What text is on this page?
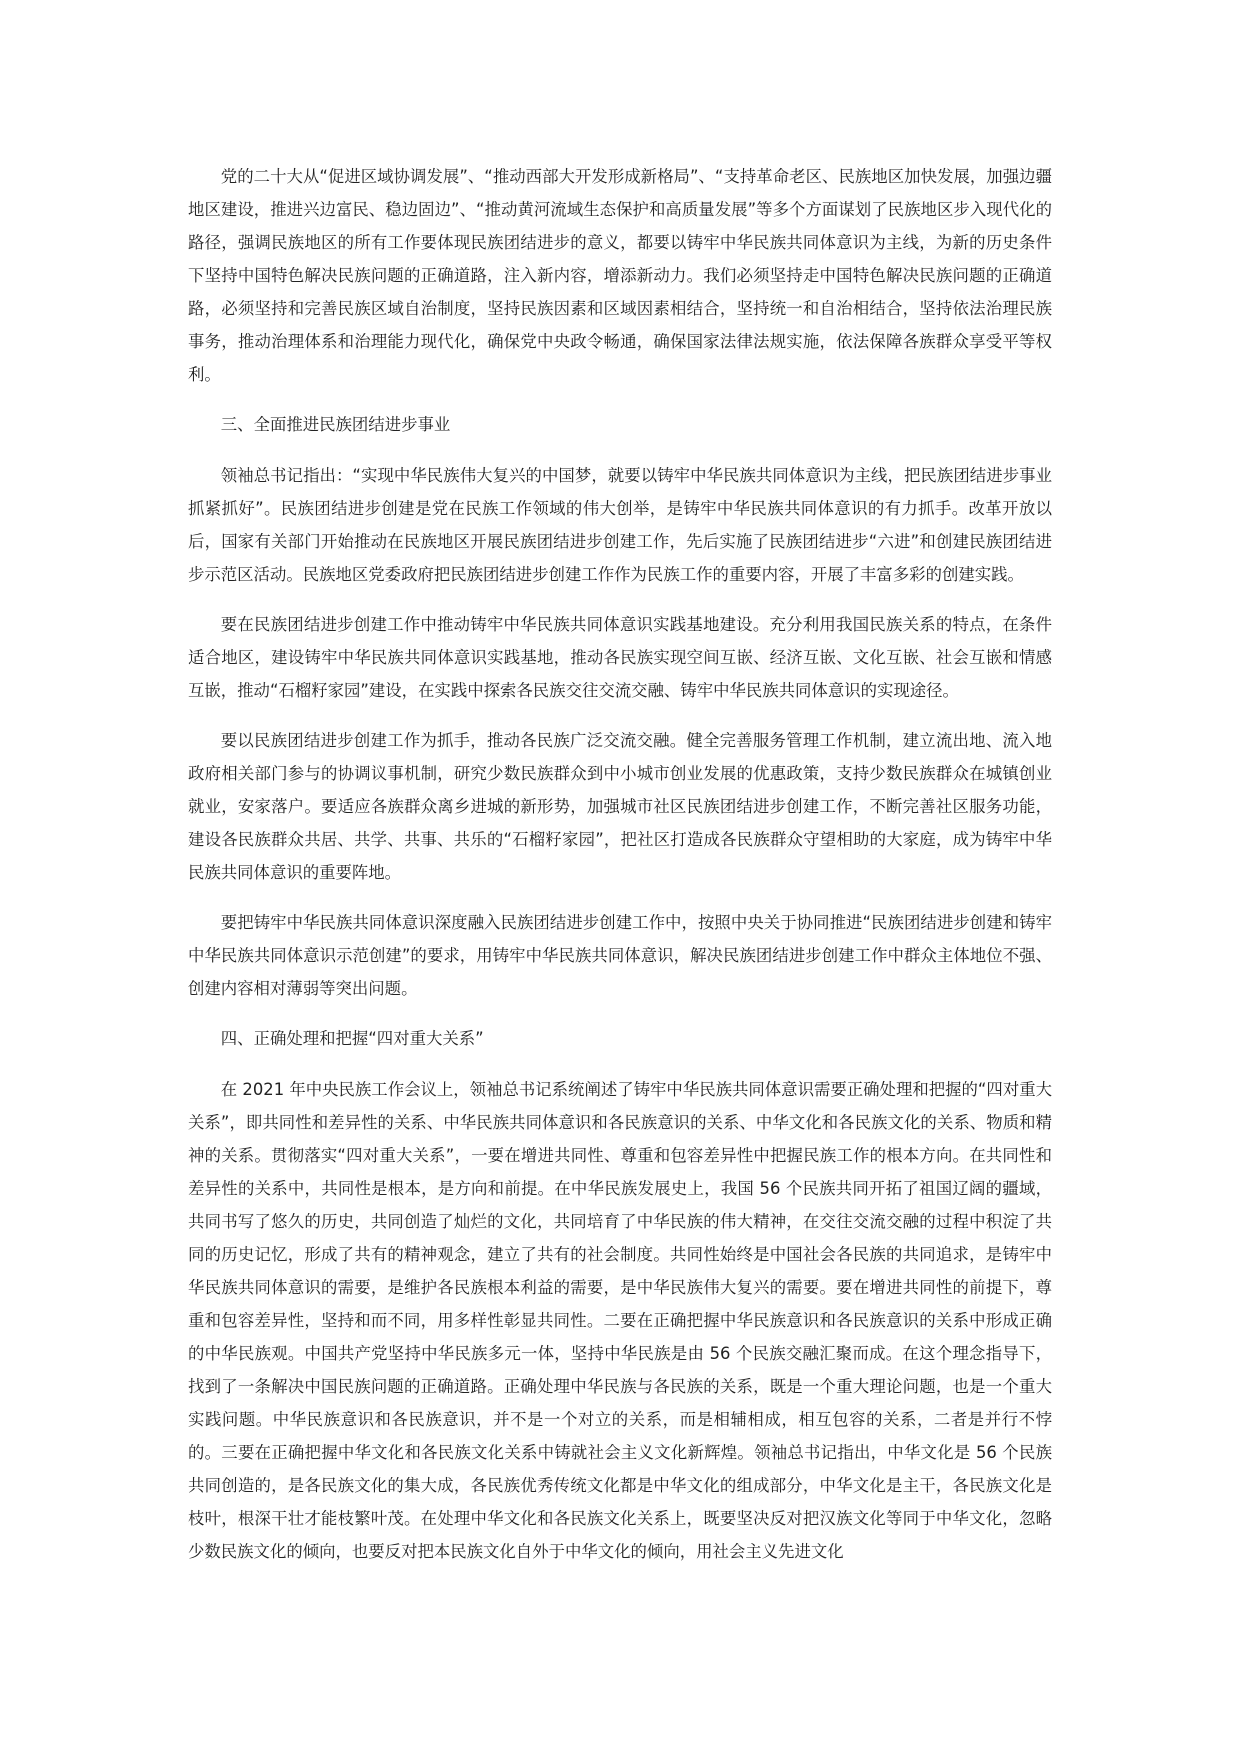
党的二十大从“促进区域协调发展”、“推动西部大开发形成新格局”、“支持革命老区、民族地区加快发展，加强边疆地区建设，推进兴边富民、稳边固边”、“推动黄河流域生态保护和高质量发展”等多个方面谋划了民族地区步入现代化的路径，强调民族地区的所有工作要体现民族团结进步的意义，都要以铸牢中华民族共同体意识为主线，为新的历史条件下坚持中国特色解决民族问题的正确道路，注入新内容，增添新动力。我们必须坚持走中国特色解决民族问题的正确道路，必须坚持和完善民族区域自治制度，坚持民族因素和区域因素相结合，坚持统一和自治相结合，坚持依法治理民族事务，推动治理体系和治理能力现代化，确保党中央政令畅通，确保国家法律法规实施，依法保障各族群众享受平等权利。

三、全面推进民族团结进步事业

领袖总书记指出：“实现中华民族伟大复兴的中国梦，就要以铸牢中华民族共同体意识为主线，把民族团结进步事业抓紧抓好”。民族团结进步创建是党在民族工作领域的伟大创举，是铸牢中华民族共同体意识的有力抓手。改革开放以后，国家有关部门开始推动在民族地区开展民族团结进步创建工作，先后实施了民族团结进步“六进”和创建民族团结进步示范区活动。民族地区党委政府把民族团结进步创建工作作为民族工作的重要内容，开展了丰富多彩的创建实践。

要在民族团结进步创建工作中推动铸牢中华民族共同体意识实践基地建设。充分利用我国民族关系的特点，在条件适合地区，建设铸牢中华民族共同体意识实践基地，推动各民族实现空间互嵌、经济互嵌、文化互嵌、社会互嵌和情感互嵌，推动“石榴籽家园”建设，在实践中探索各民族交往交流交融、铸牢中华民族共同体意识的实现途径。

要以民族团结进步创建工作为抓手，推动各民族广泛交流交融。健全完善服务管理工作机制，建立流出地、流入地政府相关部门参与的协调议事机制，研究少数民族群众到中小城市创业发展的优惠政策，支持少数民族群众在城镇创业就业，安家落户。要适应各族群众离乡进城的新形势，加强城市社区民族团结进步创建工作，不断完善社区服务功能，建设各民族群众共居、共学、共事、共乐的“石榴籽家园”，把社区打造成各民族群众守望相助的大家庭，成为铸牢中华民族共同体意识的重要阵地。

要把铸牢中华民族共同体意识深度融入民族团结进步创建工作中，按照中央关于协同推进“民族团结进步创建和铸牢中华民族共同体意识示范创建”的要求，用铸牢中华民族共同体意识，解决民族团结进步创建工作中群众主体地位不强、创建内容相对薄弱等突出问题。

四、正确处理和把握“四对重大关系”

在 2021 年中央民族工作会议上，领袖总书记系统阐述了铸牢中华民族共同体意识需要正确处理和把握的“四对重大关系”，即共同性和差异性的关系、中华民族共同体意识和各民族意识的关系、中华文化和各民族文化的关系、物质和精神的关系。贯彻落实“四对重大关系”，一要在增进共同性、尊重和包容差异性中把握民族工作的根本方向。在共同性和差异性的关系中，共同性是根本，是方向和前提。在中华民族发展史上，我国 56 个民族共同开拓了祖国辽阔的疆域，共同书写了悠久的历史，共同创造了灿烂的文化，共同培育了中华民族的伟大精神，在交往交流交融的过程中积淀了共同的历史记忆，形成了共有的精神观念，建立了共有的社会制度。共同性始终是中国社会各民族的共同追求，是铸牢中华民族共同体意识的需要，是维护各民族根本利益的需要，是中华民族伟大复兴的需要。要在增进共同性的前提下，尊重和包容差异性，坚持和而不同，用多样性彰显共同性。二要在正确把握中华民族意识和各民族意识的关系中形成正确的中华民族观。中国共产党坚持中华民族多元一体，坚持中华民族是由 56 个民族交融汇聚而成。在这个理念指导下，找到了一条解决中国民族问题的正确道路。正确处理中华民族与各民族的关系，既是一个重大理论问题，也是一个重大实践问题。中华民族意识和各民族意识，并不是一个对立的关系，而是相辅相成，相互包容的关系，二者是并行不悖的。三要在正确把握中华文化和各民族文化关系中铸就社会主义文化新辉煌。领袖总书记指出，中华文化是 56 个民族共同创造的，是各民族文化的集大成，各民族优秀传统文化都是中华文化的组成部分，中华文化是主干，各民族文化是枝叶，根深干壮才能枝繁叶茂。在处理中华文化和各民族文化关系上，既要坚决反对把汉族文化等同于中华文化，忽略少数民族文化的倾向，也要反对把本民族文化自外于中华文化的倾向，用社会主义先进文化
